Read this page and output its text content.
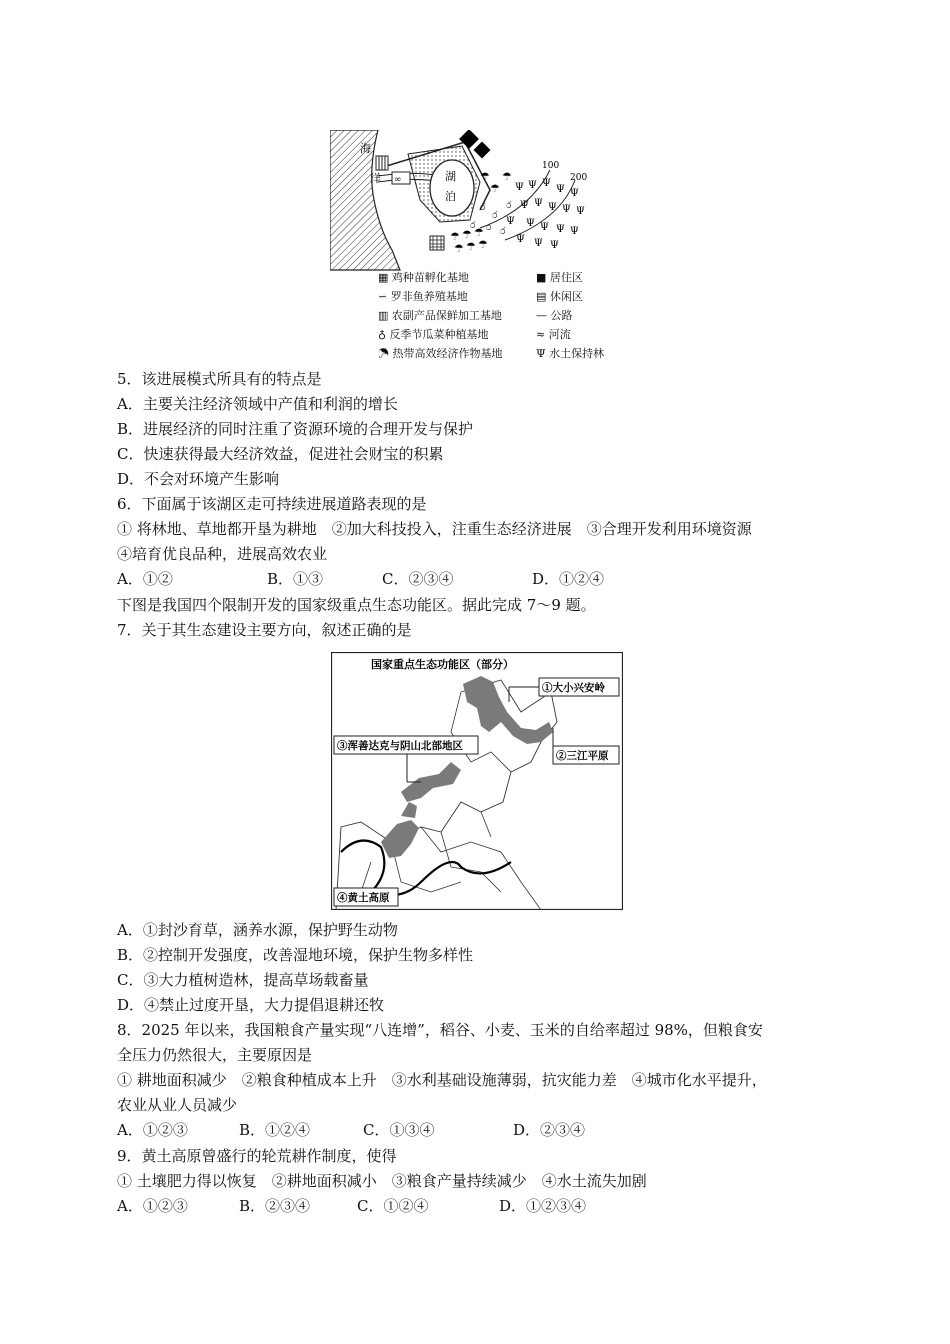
海
洋	湖
泊
∞
100
200
☂
☂
☂
☂ ☂ ☂
☂ ☂ ☂
Ψ Ψ Ψ
Ψ Ψ
Ψ Ψ Ψ Ψ Ψ
Ψ Ψ Ψ Ψ Ψ
Ψ Ψ Ψ
ර
ර
ර
ර ර ර
▦ 鸡种苗孵化基地	■ 居住区
∽ 罗非鱼养殖基地	▤ 休闲区
▥ 农副产品保鲜加工基地	— 公路
♁ 反季节瓜菜种植基地	≈ 河流
☂ 热带高效经济作物基地	Ψ 水土保持林
5．该进展模式所具有的特点是
A．主要关注经济领域中产值和利润的增长
B．进展经济的同时注重了资源环境的合理开发与保护
C．快速获得最大经济效益，促进社会财宝的积累
D．不会对环境产生影响
6．下面属于该湖区走可持续进展道路表现的是
① 将林地、草地都开垦为耕地　②加大科技投入，注重生态经济进展　③合理开发利用环境资源
④培育优良品种，进展高效农业
A．①②	B．①③	C．②③④	D．①②④
下图是我国四个限制开发的国家级重点生态功能区。据此完成 7～9 题。
7．关于其生态建设主要方向，叙述正确的是
国家重点生态功能区（部分）
①大小兴安岭
②三江平原
③浑善达克与阴山北部地区
④黄土高原
A．①封沙育草，涵养水源，保护野生动物
B．②控制开发强度，改善湿地环境，保护生物多样性
C．③大力植树造林，提高草场载畜量
D．④禁止过度开垦，大力提倡退耕还牧
8．2025 年以来，我国粮食产量实现“八连增”，稻谷、小麦、玉米的自给率超过 98%，但粮食安
全压力仍然很大，主要原因是
① 耕地面积减少　②粮食种植成本上升　③水利基础设施薄弱，抗灾能力差　④城市化水平提升，
农业从业人员减少
A．①②③	B．①②④	C．①③④	D．②③④
9．黄土高原曾盛行的轮荒耕作制度，使得
① 土壤肥力得以恢复　②耕地面积减小　③粮食产量持续减少　④水土流失加剧
A．①②③	B．②③④	C．①②④	D．①②③④
